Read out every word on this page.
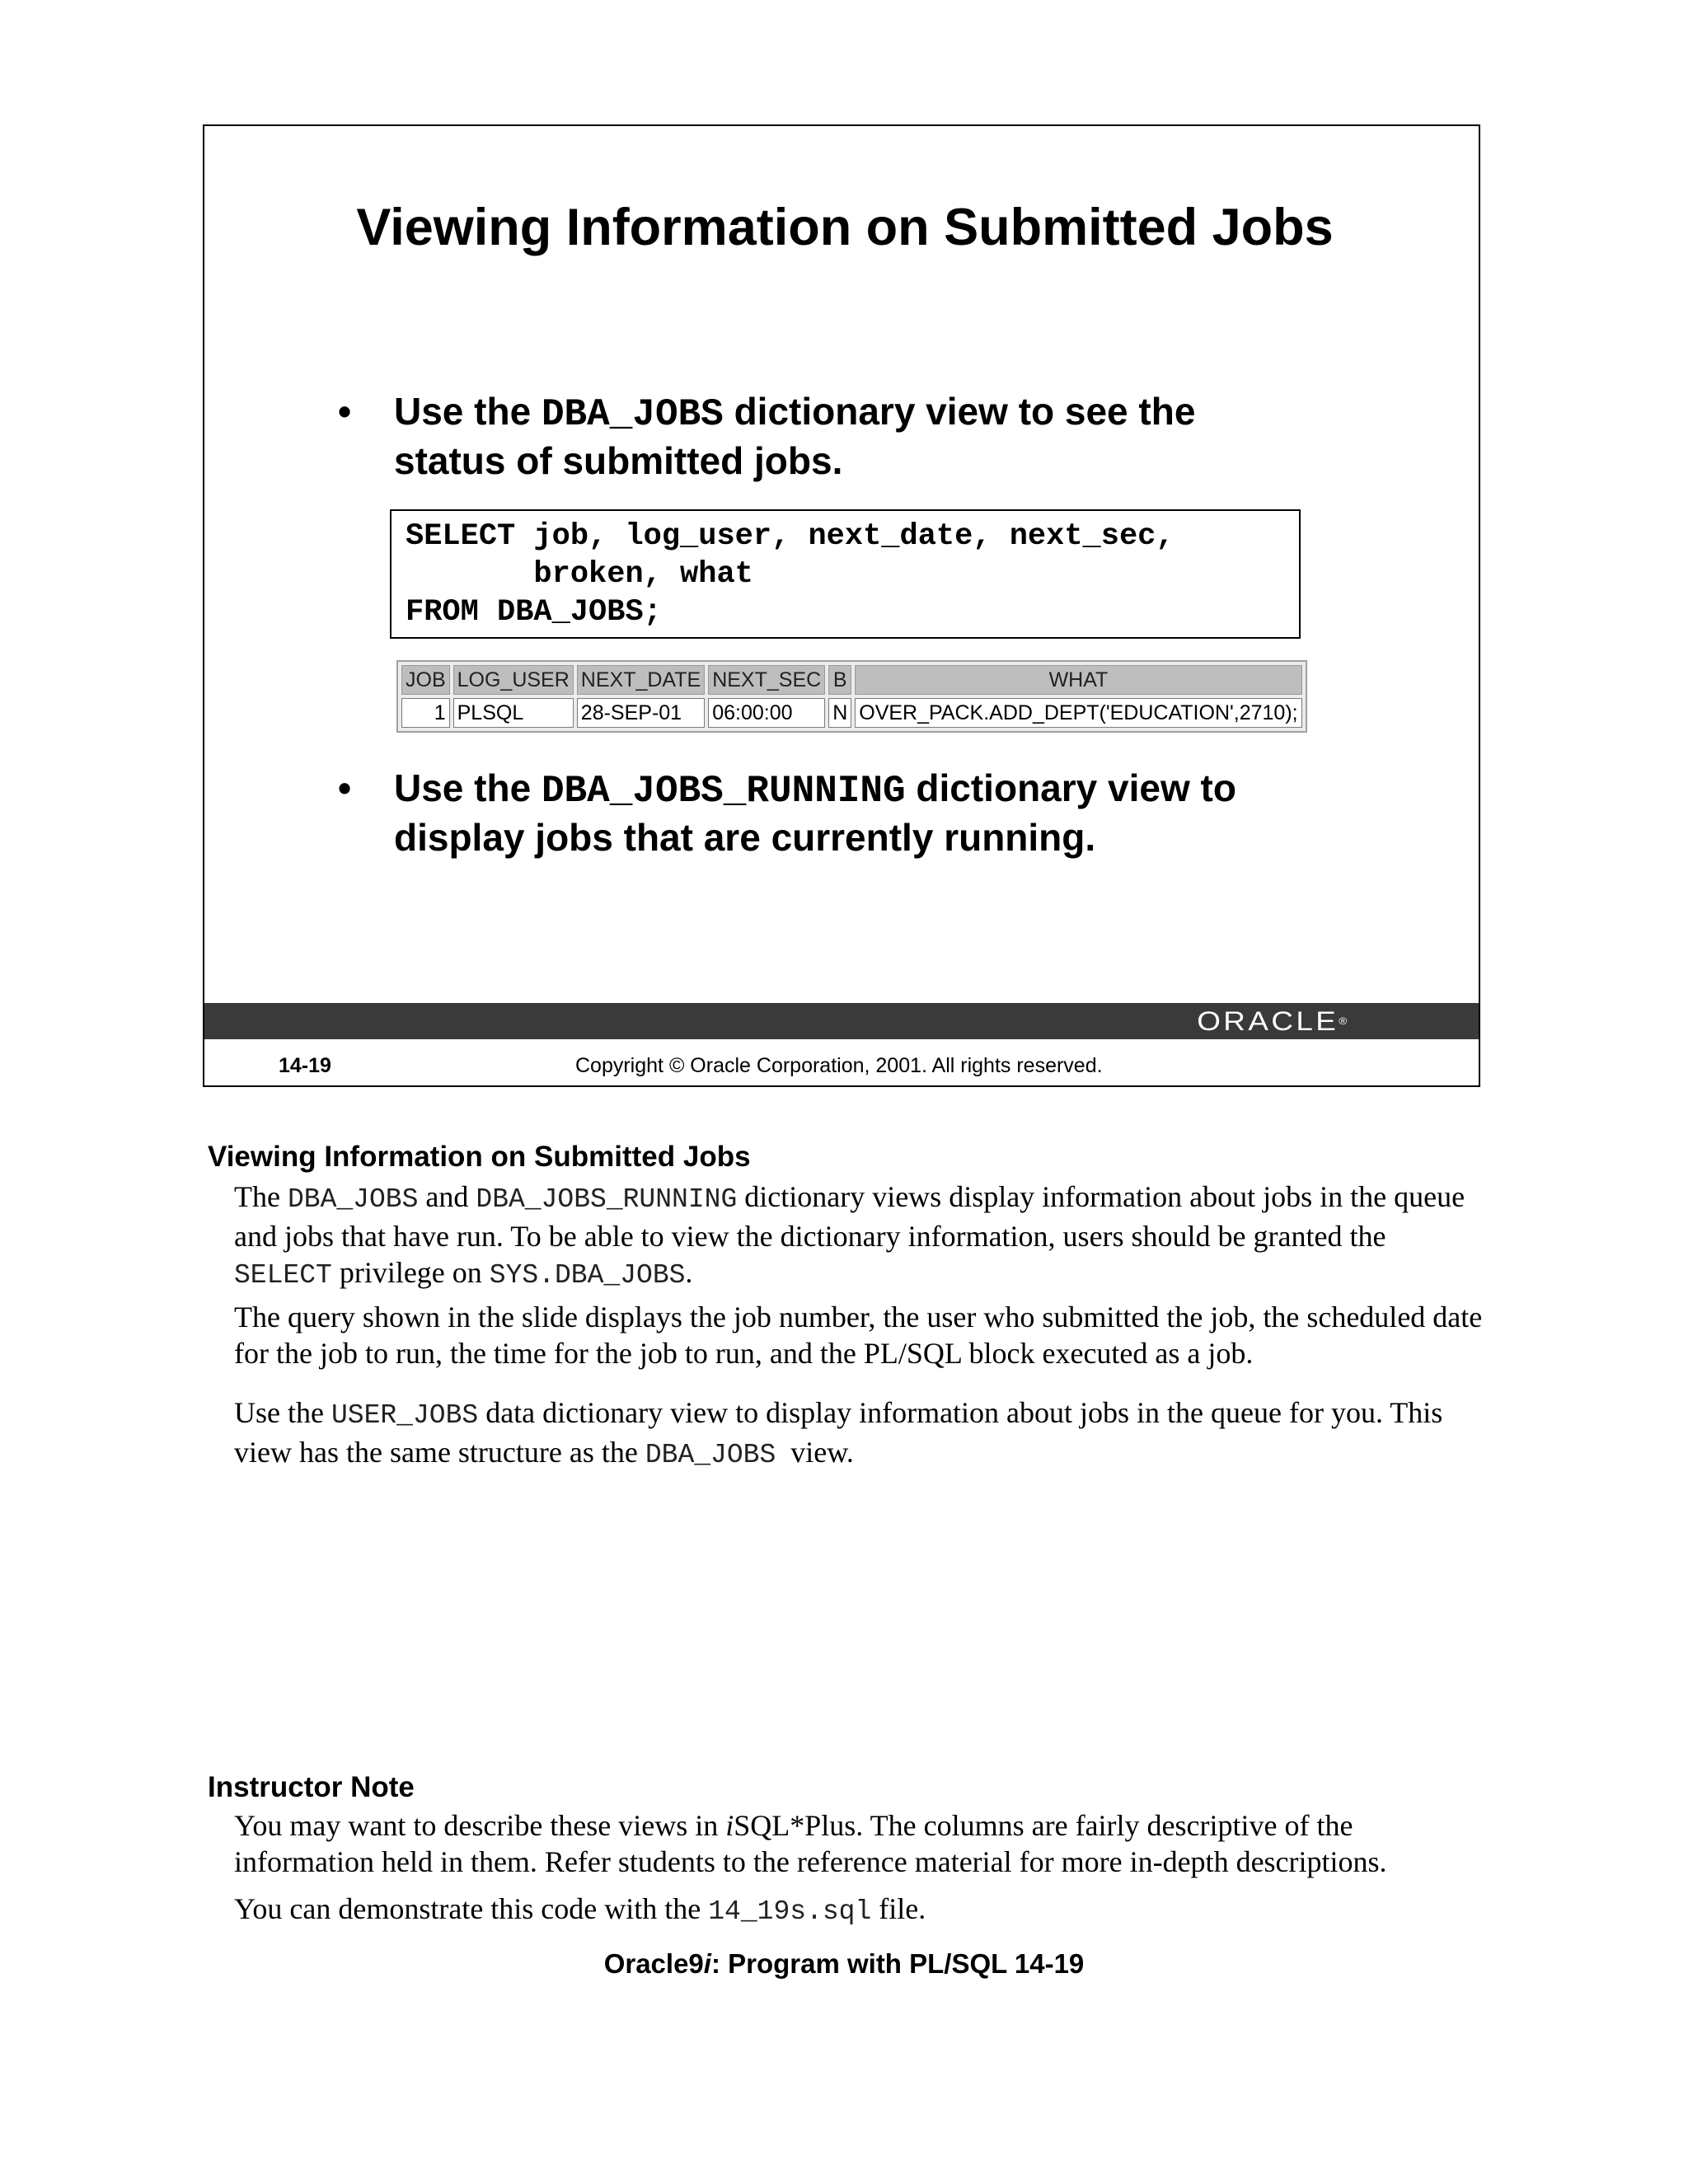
Viewing Information on Submitted Jobs
• Use the DBA_JOBS dictionary view to see the status of submitted jobs.
SELECT job, log_user, next_date, next_sec,
broken, what
FROM DBA_JOBS;
JOB	LOG_USER	NEXT_DATE	NEXT_SEC	B	WHAT
1	PLSQL	28-SEP-01	06:00:00	N	OVER_PACK.ADD_DEPT('EDUCATION',2710);
• Use the DBA_JOBS_RUNNING dictionary view to display jobs that are currently running.
ORACLE®
14-19	Copyright © Oracle Corporation, 2001. All rights reserved.
Viewing Information on Submitted Jobs
The DBA_JOBS and DBA_JOBS_RUNNING dictionary views display information about jobs in the queue and jobs that have run. To be able to view the dictionary information, users should be granted the SELECT privilege on SYS.DBA_JOBS.
The query shown in the slide displays the job number, the user who submitted the job, the scheduled date for the job to run, the time for the job to run, and the PL/SQL block executed as a job.
Use the USER_JOBS data dictionary view to display information about jobs in the queue for you. This view has the same structure as the DBA_JOBS  view.
Instructor Note
You may want to describe these views in iSQL*Plus. The columns are fairly descriptive of the information held in them. Refer students to the reference material for more in-depth descriptions.
You can demonstrate this code with the 14_19s.sql file.
Oracle9i: Program with PL/SQL 14-19
